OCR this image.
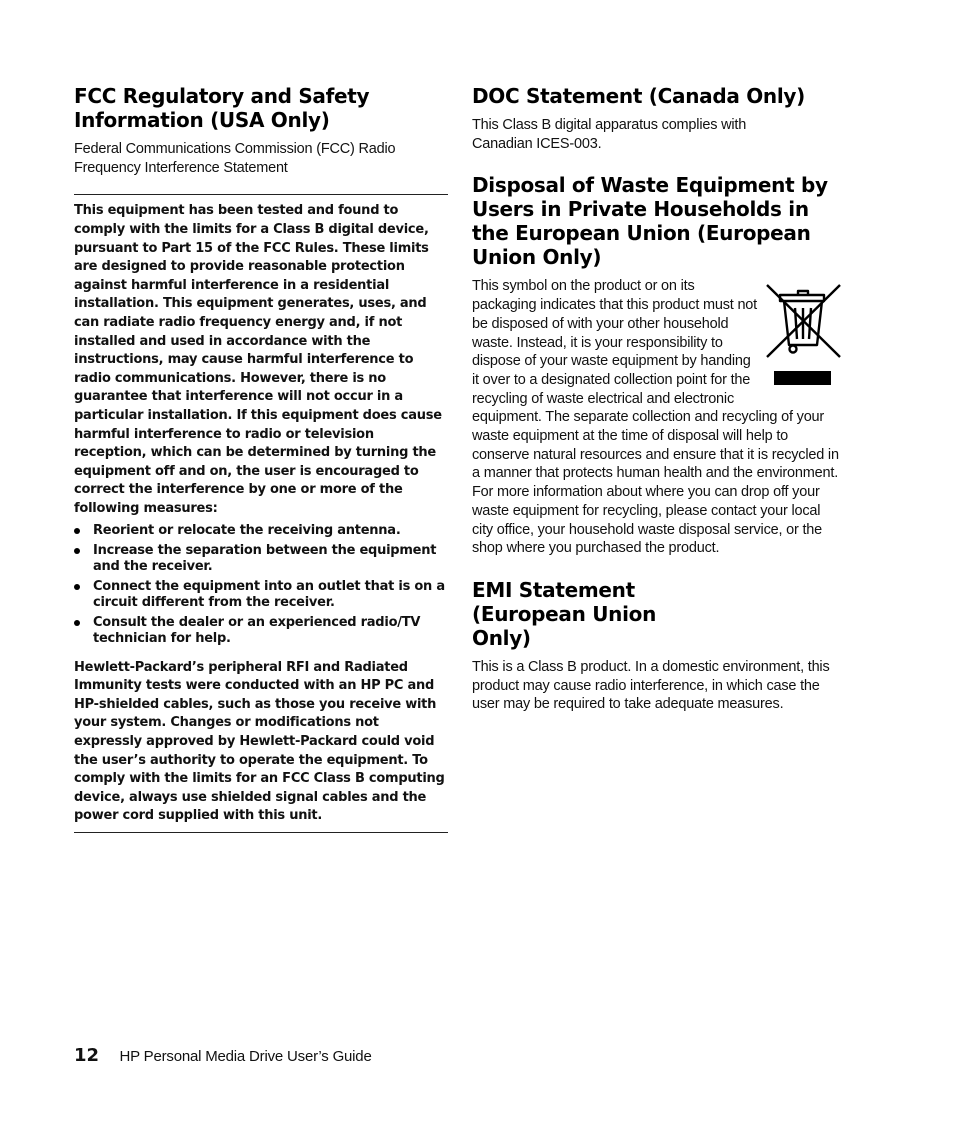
FCC Regulatory and Safety Information (USA Only)

Federal Communications Commission (FCC) Radio Frequency Interference Statement

This equipment has been tested and found to comply with the limits for a Class B digital device, pursuant to Part 15 of the FCC Rules. These limits are designed to provide reasonable protection against harmful interference in a residential installation. This equipment generates, uses, and can radiate radio frequency energy and, if not installed and used in accordance with the instructions, may cause harmful interference to radio communications. However, there is no guarantee that interference will not occur in a particular installation. If this equipment does cause harmful interference to radio or television reception, which can be determined by turning the equipment off and on, the user is encouraged to correct the interference by one or more of the following measures:

Reorient or relocate the receiving antenna.
Increase the separation between the equipment and the receiver.
Connect the equipment into an outlet that is on a circuit different from the receiver.
Consult the dealer or an experienced radio/TV technician for help.

Hewlett-Packard’s peripheral RFI and Radiated Immunity tests were conducted with an HP PC and HP-shielded cables, such as those you receive with your system. Changes or modifications not expressly approved by Hewlett-Packard could void the user’s authority to operate the equipment. To comply with the limits for an FCC Class B computing device, always use shielded signal cables and the power cord supplied with this unit.

DOC Statement (Canada Only)

This Class B digital apparatus complies with Canadian ICES-003.

Disposal of Waste Equipment by Users in Private Households in the European Union (European Union Only)

This symbol on the product or on its packaging indicates that this product must not be disposed of with your other household waste. Instead, it is your responsibility to dispose of your waste equipment by handing it over to a designated collection point for the recycling of waste electrical and electronic equipment. The separate collection and recycling of your waste equipment at the time of disposal will help to conserve natural resources and ensure that it is recycled in a manner that protects human health and the environment. For more information about where you can drop off your waste equipment for recycling, please contact your local city office, your household waste disposal service, or the shop where you purchased the product.

EMI Statement (European Union Only)

This is a Class B product. In a domestic environment, this product may cause radio interference, in which case the user may be required to take adequate measures.

12 HP Personal Media Drive User’s Guide
